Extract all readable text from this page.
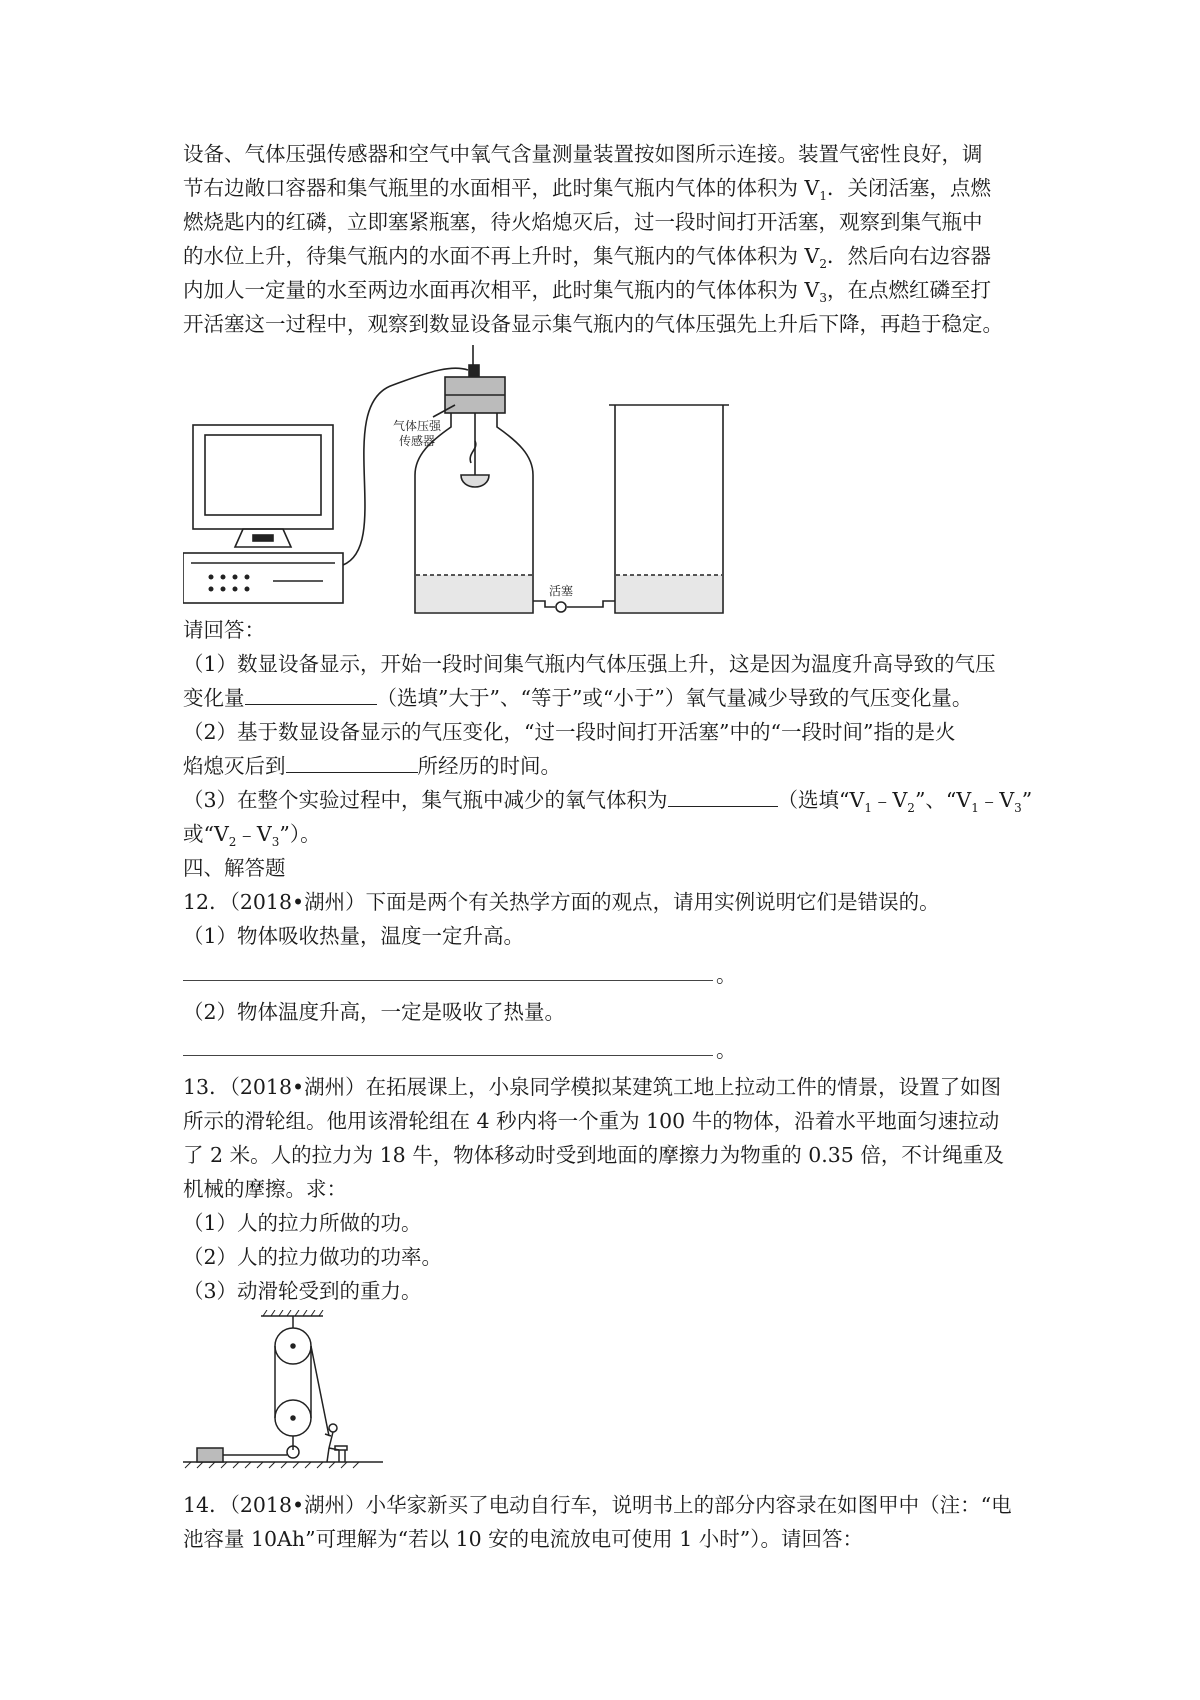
设备、气体压强传感器和空气中氧气含量测量装置按如图所示连接。装置气密性良好，调
节右边敞口容器和集气瓶里的水面相平，此时集气瓶内气体的体积为 $V_1$．关闭活塞，点燃
燃烧匙内的红磷，立即塞紧瓶塞，待火焰熄灭后，过一段时间打开活塞，观察到集气瓶中
的水位上升，待集气瓶内的水面不再上升时，集气瓶内的气体体积为 $V_2$．然后向右边容器
内加人一定量的水至两边水面再次相平，此时集气瓶内的气体体积为 $V_3$，在点燃红磷至打
开活塞这一过程中，观察到数显设备显示集气瓶内的气体压强先上升后下降，再趋于稳定。
气体压强
传感器
活塞
请回答：
（1）数显设备显示，开始一段时间集气瓶内气体压强上升，这是因为温度升高导致的气压
变化量	（选填”大于”、“等于”或“小于”）氧气量减少导致的气压变化量。
（2）基于数显设备显示的气压变化，“过一段时间打开活塞”中的“一段时间”指的是火
焰熄灭后到	所经历的时间。
（3）在整个实验过程中，集气瓶中减少的氧气体积为	（选填“$V_1﹣V_2$”、“$V_1﹣V_3$”
或“$V_2﹣V_3$”）。
四、解答题
12．（2018•湖州）下面是两个有关热学方面的观点，请用实例说明它们是错误的。
（1）物体吸收热量，温度一定升高。
。
（2）物体温度升高，一定是吸收了热量。
。
13．（2018•湖州）在拓展课上，小泉同学模拟某建筑工地上拉动工件的情景，设置了如图
所示的滑轮组。他用该滑轮组在 4 秒内将一个重为 100 牛的物体，沿着水平地面匀速拉动
了 2 米。人的拉力为 18 牛，物体移动时受到地面的摩擦力为物重的 0.35 倍，不计绳重及
机械的摩擦。求：
（1）人的拉力所做的功。
（2）人的拉力做功的功率。
（3）动滑轮受到的重力。
14．（2018•湖州）小华家新买了电动自行车，说明书上的部分内容录在如图甲中（注：“电
池容量 10Ah”可理解为“若以 10 安的电流放电可使用 1 小时”）。请回答：
